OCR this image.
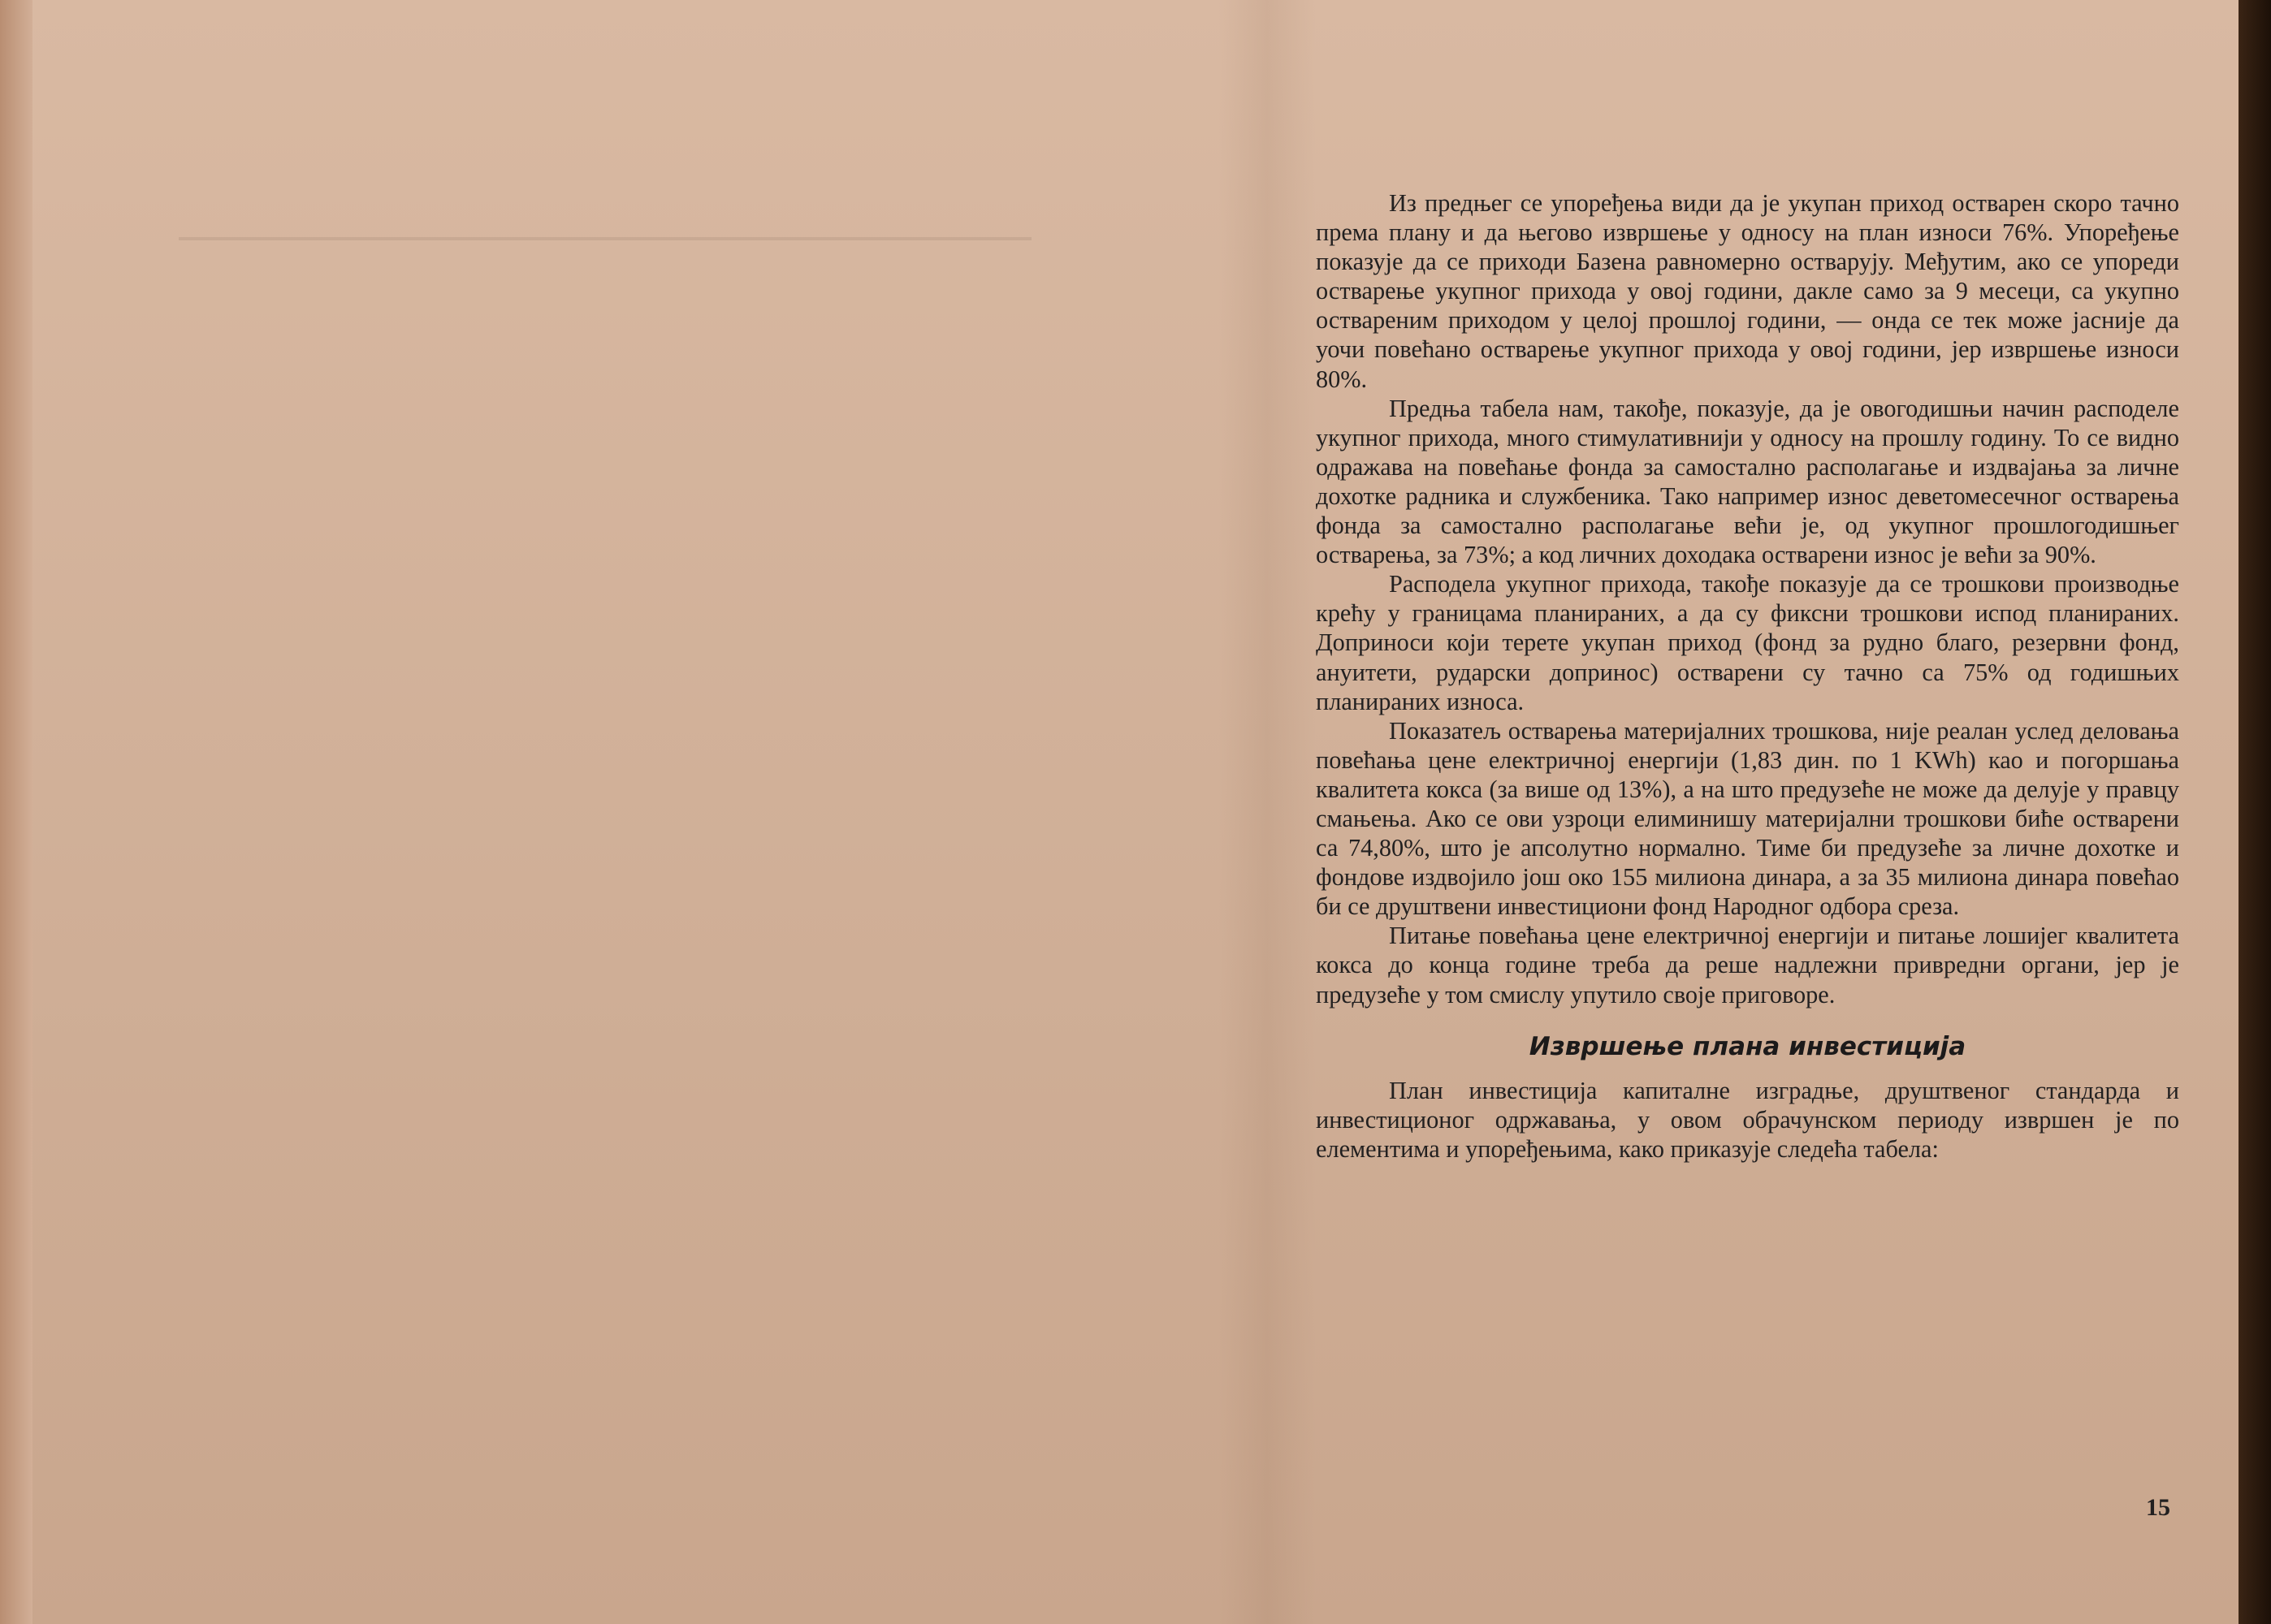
Из предњег се упоређења види да је укупан приход остварен скоро тачно према плану и да његово извршење у односу на план износи 76%. Упоређење показује да се приходи Базена равномерно остварују. Међутим, ако се упореди остварење укупног прихода у овој години, дакле само за 9 месеци, са укупно оствареним приходом у целој прошлој години, — онда се тек може јасније да уочи повећано остварење укупног прихода у овој години, јер извршење износи 80%.

Предња табела нам, такође, показује, да је овогодишњи начин расподеле укупног прихода, много стимулативнији у односу на прошлу годину. То се видно одражава на повећање фонда за самостално располагање и издвајања за личне дохотке радника и службеника. Тако например износ деветомесечног остварења фонда за самостално располагање већи је, од укупног прошлогодишњег остварења, за 73%; а код личних доходака остварени износ је већи за 90%.

Расподела укупног прихода, такође показује да се трошкови производње крећу у границама планираних, а да су фиксни трошкови испод планираних. Доприноси који терете укупан приход (фонд за рудно благо, резервни фонд, ануитети, рударски допринос) остварени су тачно са 75% од годишњих планираних износа.

Показатељ остварења материјалних трошкова, није реалан услед деловања повећања цене електричној енергији (1,83 дин. по 1 KWh) као и погоршања квалитета кокса (за више од 13%), а на што предузеће не може да делује у правцу смањења. Ако се ови узроци елиминишу материјални трошкови биће остварени са 74,80%, што је апсолутно нормално. Тиме би предузеће за личне дохотке и фондове издвојило још око 155 милиона динара, а за 35 милиона динара повећао би се друштвени инвестициони фонд Народног одбора среза.

Питање повећања цене електричној енергији и питање лошијег квалитета кокса до конца године треба да реше надлежни привредни органи, јер је предузеће у том смислу упутило своје приговоре.

Извршење плана инвестиција

План инвестиција капиталне изградње, друштвеног стандарда и инвестиционог одржавања, у овом обрачунском периоду извршен је по елементима и упоређењима, како приказује следећа табела:

15
